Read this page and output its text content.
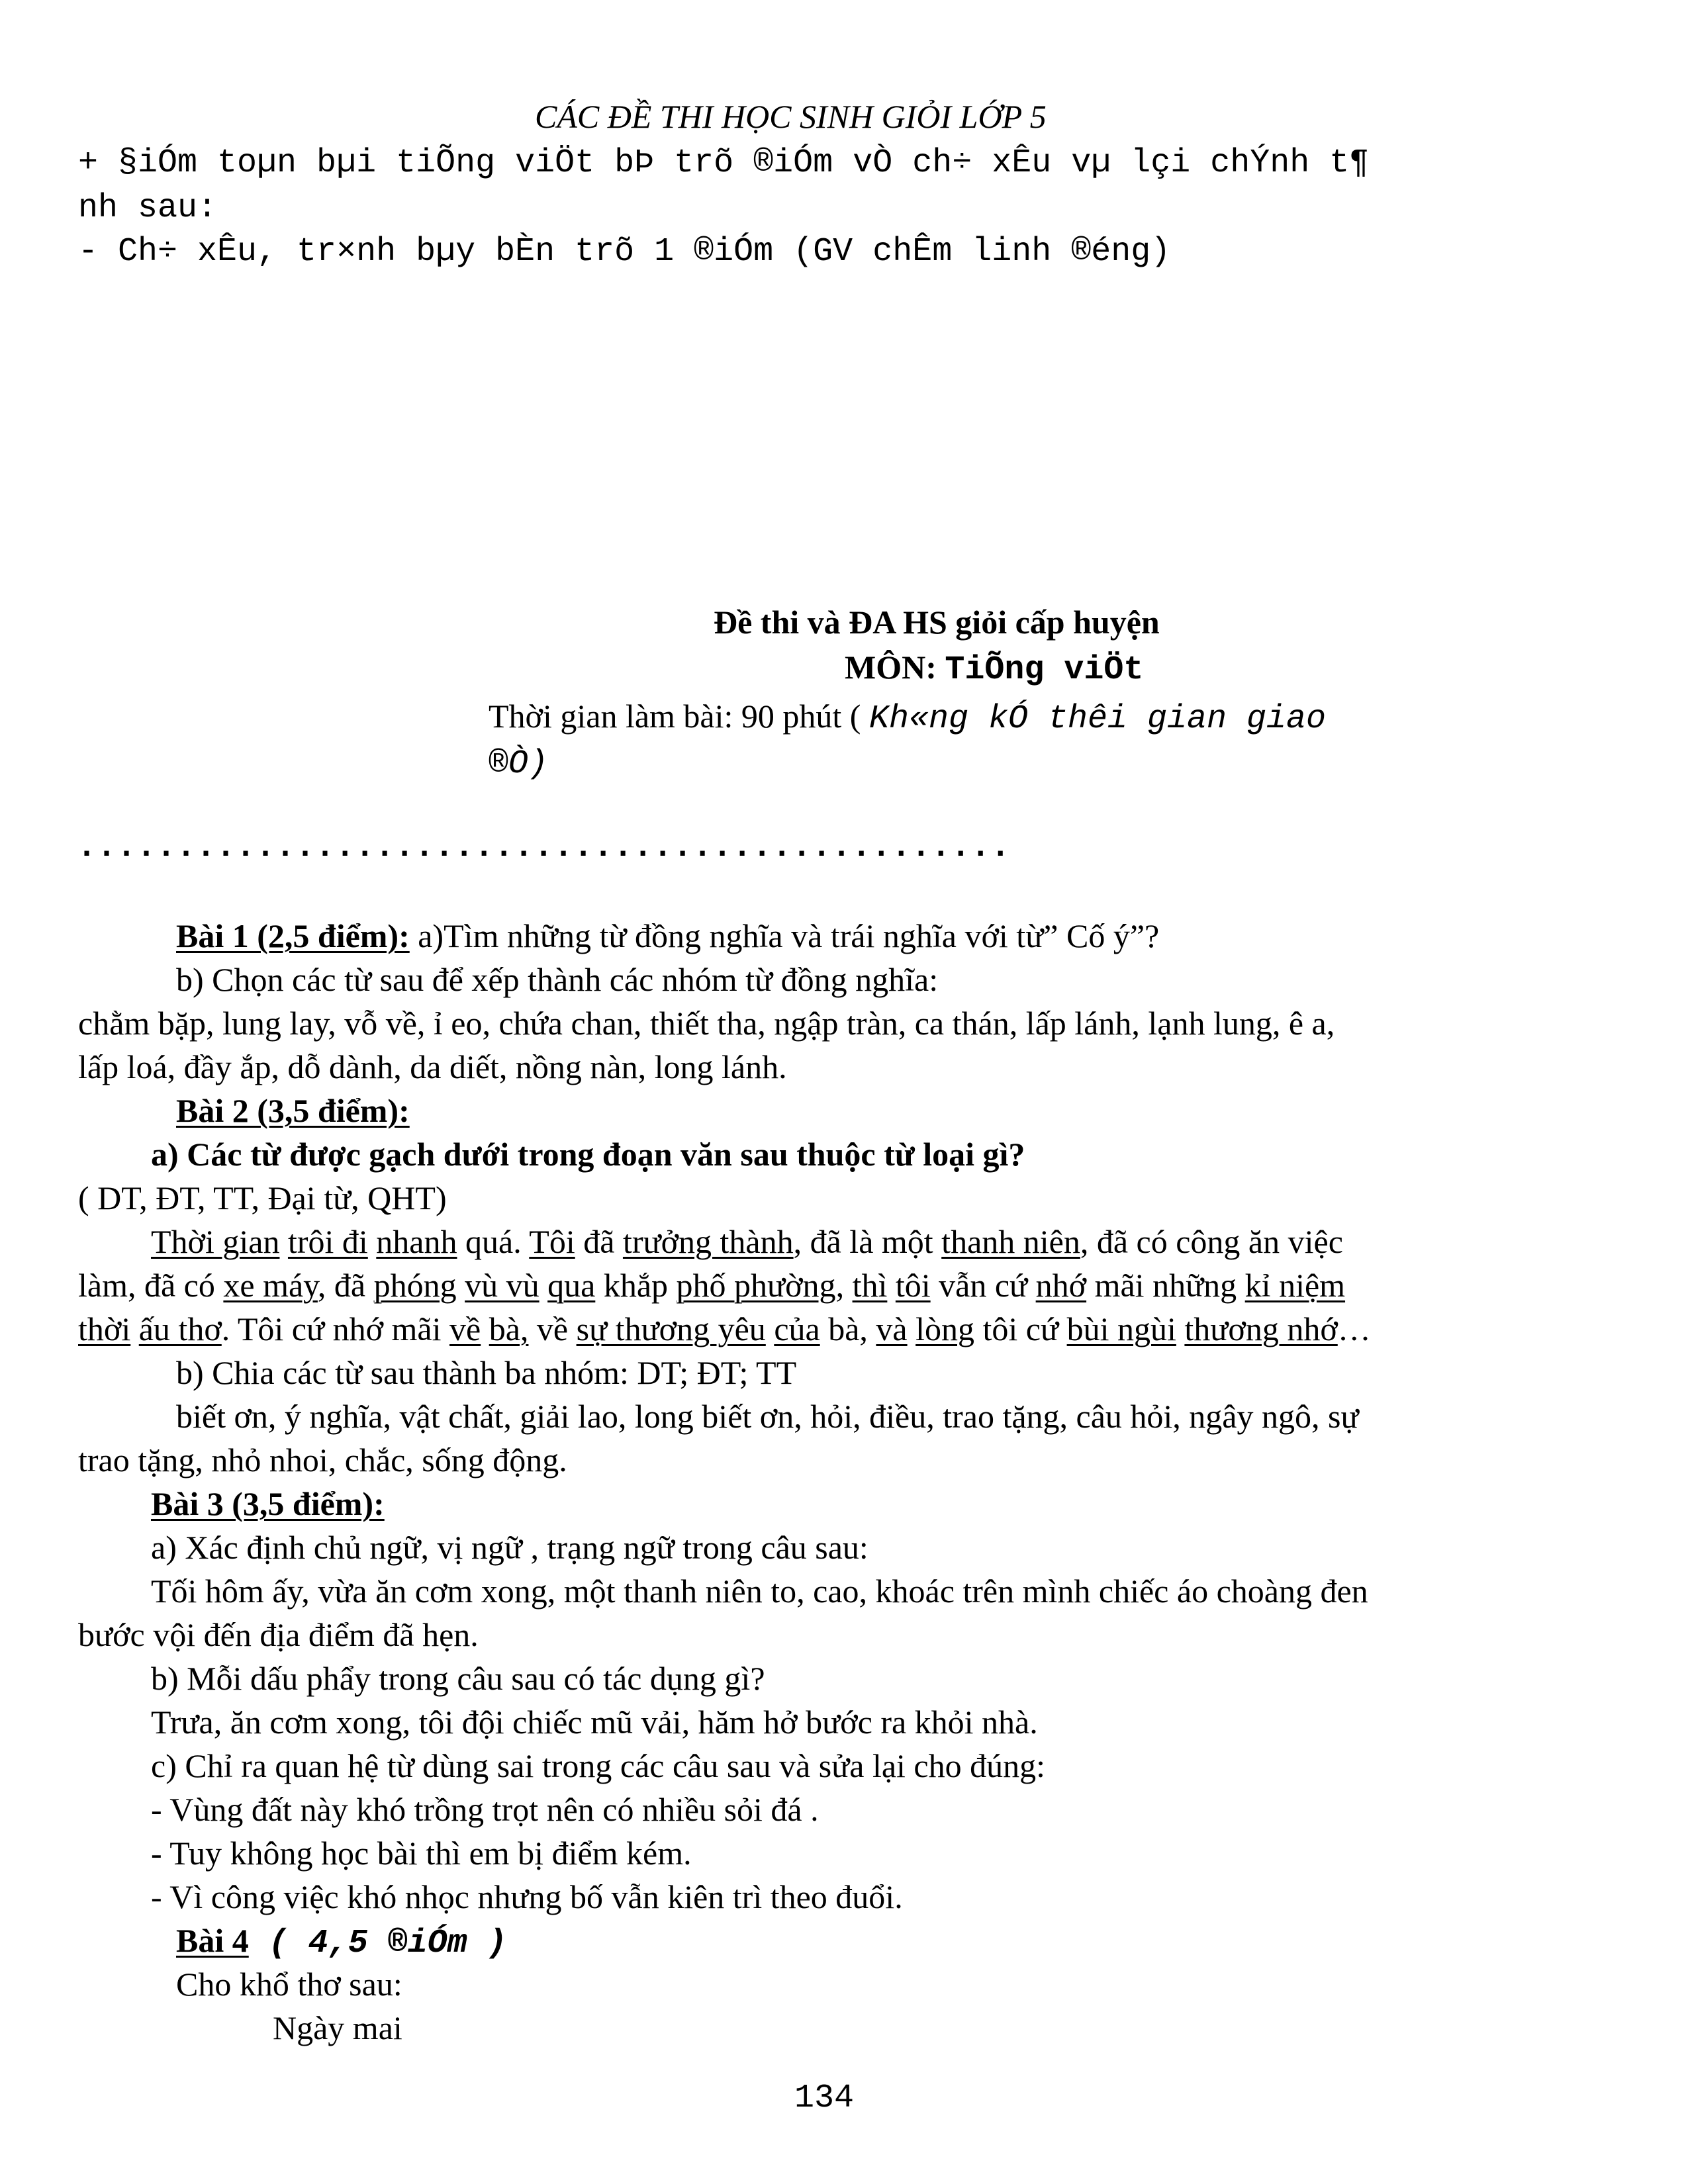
CÁC ĐỀ THI HỌC SINH GIỎI LỚP 5
+ §iÓm toµn bµi tiÕng viÖt bÞ trõ ®iÓm vÒ ch÷ xÊu vµ lçi chÝnh t¶
nh sau:
- Ch÷ xÊu, tr×nh bµy bÈn trõ 1 ®iÓm (GV chÊm linh ®éng)
Đề thi và ĐA HS giỏi cấp huyện
MÔN: TiÕng viÖt
Thời gian làm bài: 90 phút ( Kh«ng kÓ thêi gian giao
®Ò)
...............................................
Bài 1 (2,5 điểm): a)Tìm những từ đồng nghĩa và trái nghĩa với từ” Cố ý”?
b) Chọn các từ sau để xếp thành các nhóm từ đồng nghĩa:
chằm bặp, lung lay, vỗ về, ỉ eo, chứa chan, thiết tha, ngập tràn, ca thán, lấp lánh, lạnh lung, ê a,
lấp loá, đầy ắp, dỗ dành, da diết, nồng nàn, long lánh.
Bài 2 (3,5 điểm):
a) Các từ được gạch dưới trong đoạn văn sau thuộc từ loại gì?
( DT, ĐT, TT, Đại từ, QHT)
Thời gian trôi đi nhanh quá. Tôi đã trưởng thành, đã là một thanh niên, đã có công ăn việc
làm, đã có xe máy, đã phóng vù vù qua khắp phố phường, thì tôi vẫn cứ nhớ mãi những kỉ niệm
thời ấu thơ. Tôi cứ nhớ mãi về bà, về sự thương yêu của bà, và lòng tôi cứ bùi ngùi thương nhớ…
b) Chia các từ sau thành ba nhóm: DT; ĐT; TT
biết ơn, ý nghĩa, vật chất, giải lao, long biết ơn, hỏi, điều, trao tặng, câu hỏi, ngây ngô, sự
trao tặng, nhỏ nhoi, chắc, sống động.
Bài 3 (3,5 điểm):
a) Xác định chủ ngữ, vị ngữ , trạng ngữ trong câu sau:
Tối hôm ấy, vừa ăn cơm xong, một thanh niên to, cao, khoác trên mình chiếc áo choàng đen
bước vội đến địa điểm đã hẹn.
b) Mỗi dấu phẩy trong câu sau có tác dụng gì?
Trưa, ăn cơm xong, tôi đội chiếc mũ vải, hăm hở bước ra khỏi nhà.
c) Chỉ ra quan hệ từ dùng sai trong các câu sau và sửa lại cho đúng:
- Vùng đất này khó trồng trọt nên có nhiều sỏi đá .
- Tuy không học bài thì em bị điểm kém.
- Vì công việc khó nhọc nhưng bố vẫn kiên trì theo đuổi.
Bài 4 ( 4,5 ®iÓm )
Cho khổ thơ sau:
Ngày mai
134
